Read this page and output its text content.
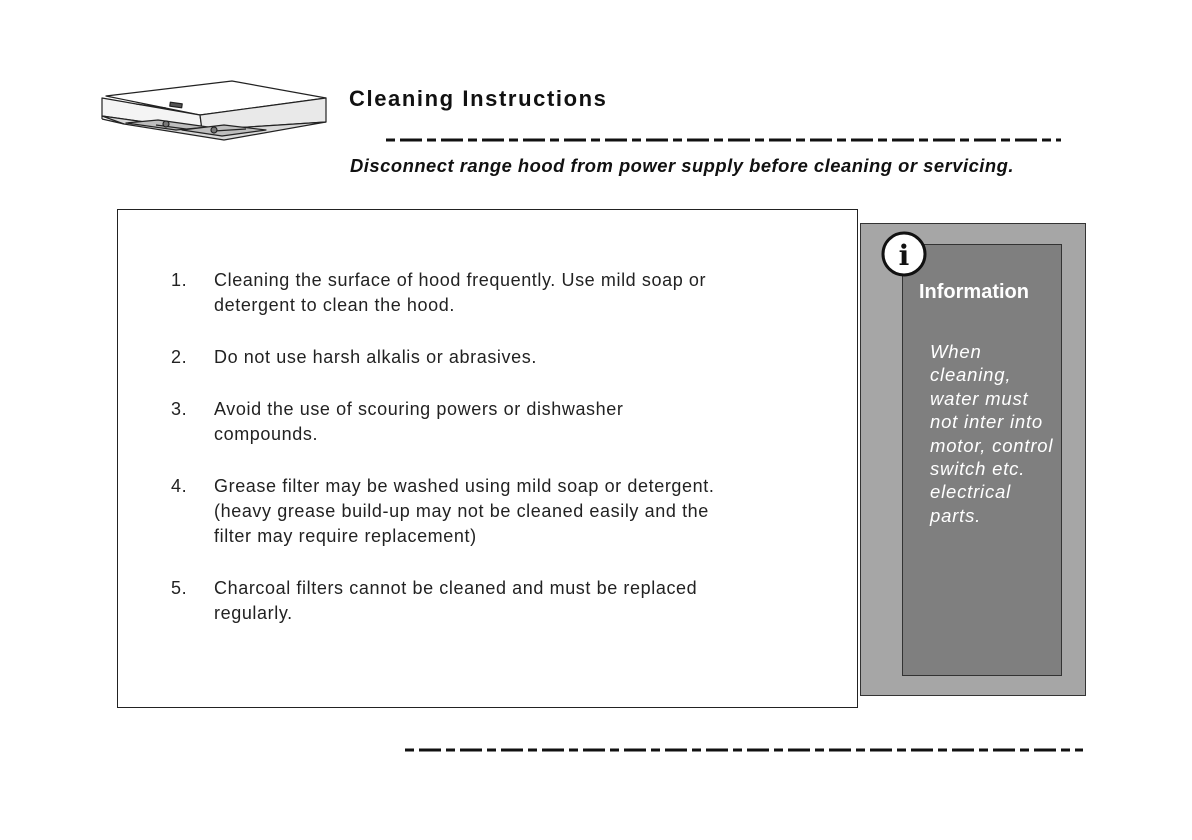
Cleaning Instructions
Disconnect range hood from power supply before cleaning or servicing.
1. Cleaning the surface of hood frequently. Use mild soap or
detergent to clean the hood.
2. Do not use harsh alkalis or abrasives.
3. Avoid the use of scouring powers or dishwasher
compounds.
4. Grease filter may be washed using mild soap or detergent.
(heavy grease build-up may not be cleaned easily and the
filter may require replacement)
5. Charcoal filters cannot be cleaned and must be replaced
regularly.
i
Information
When cleaning, water must not inter into motor, control switch etc. electrical parts.
